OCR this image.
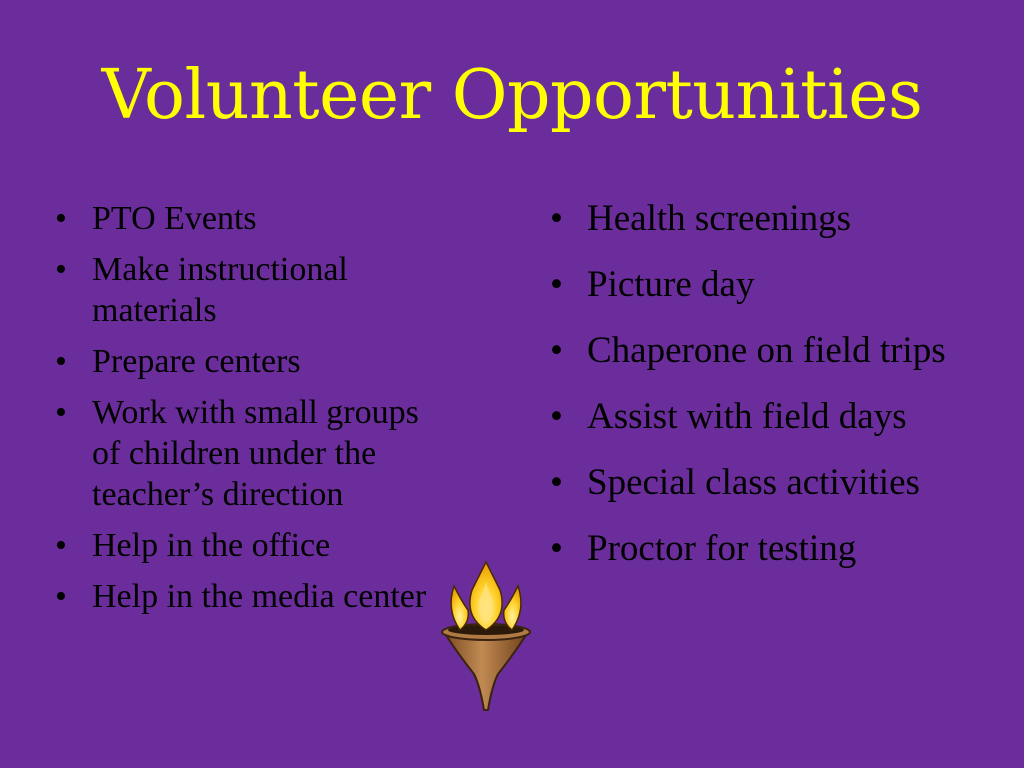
Volunteer Opportunities
• PTO Events
• Make instructional materials
• Prepare centers
• Work with small groups of children under the teacher’s direction
• Help in the office
• Help in the media center
• Health screenings
• Picture day
• Chaperone on field trips
• Assist with field days
• Special class activities
• Proctor for testing
